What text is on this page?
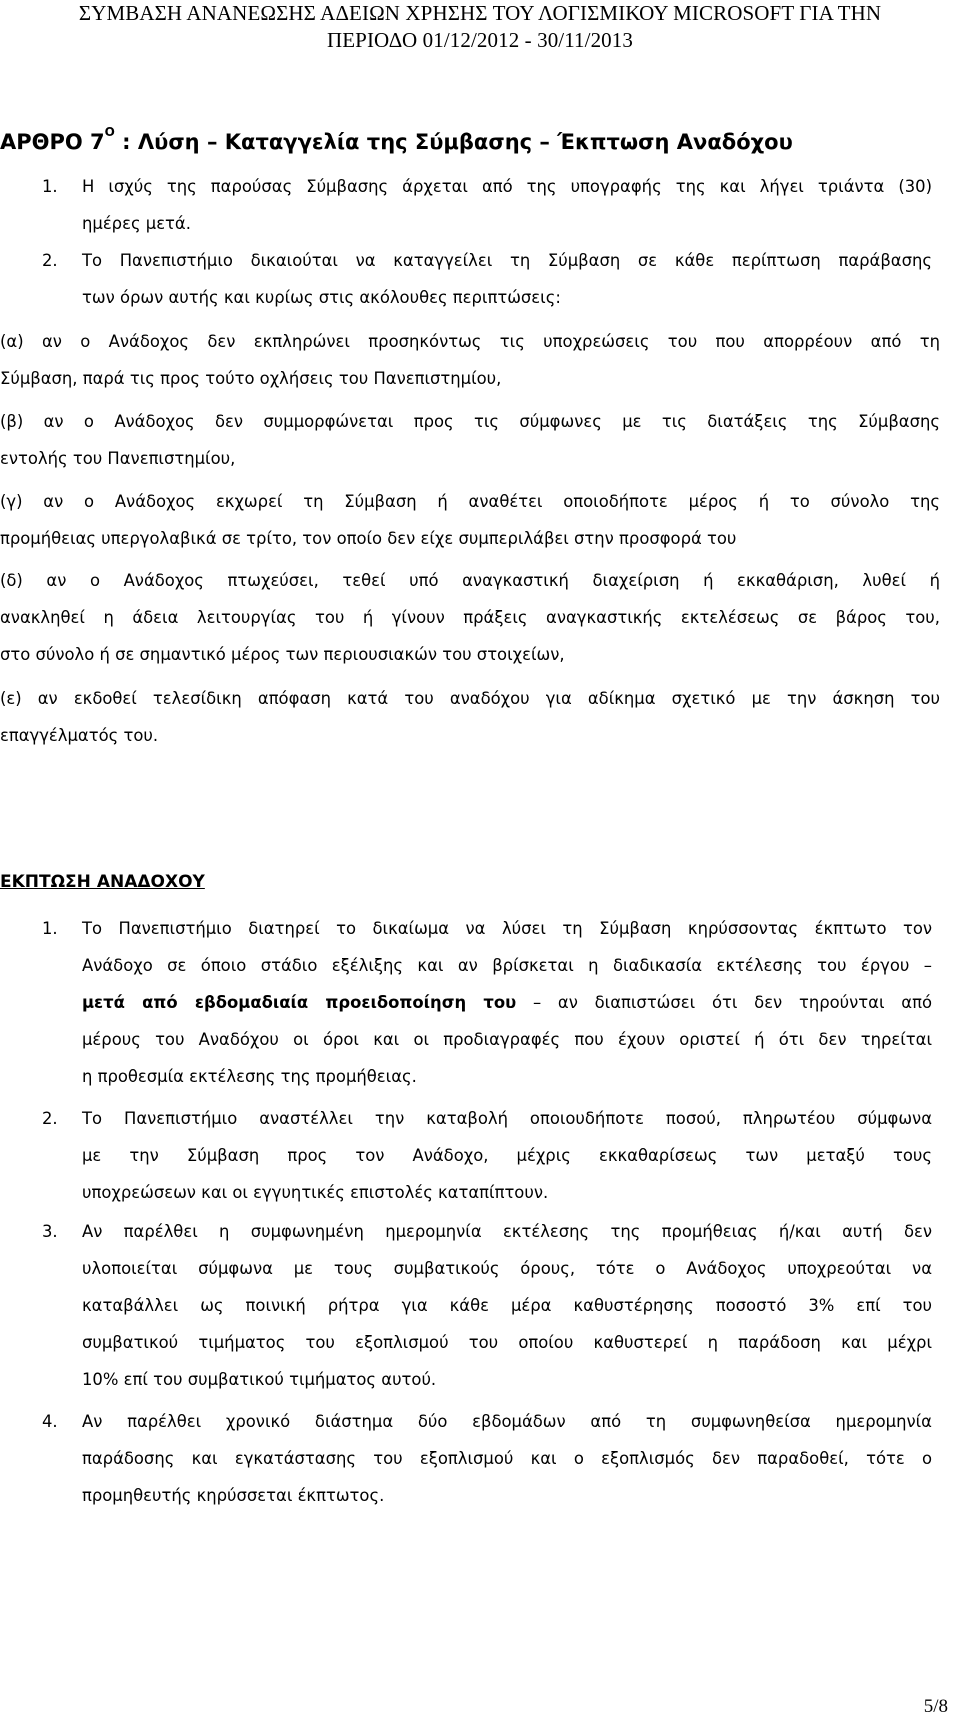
ΣΥΜΒΑΣΗ ΑΝΑΝΕΩΣΗΣ ΑΔΕΙΩΝ ΧΡΗΣΗΣ ΤΟΥ ΛΟΓΙΣΜΙΚΟΥ MICROSOFT ΓΙΑ ΤΗΝ
ΠΕΡΙΟΔΟ 01/12/2012 - 30/11/2013
ΑΡΘΡΟ $7^O$ : Λύση – Καταγγελία της Σύμβασης – Έκπτωση Αναδόχου
1. Η ισχύς της παρούσας Σύμβασης άρχεται από της υπογραφής της και λήγει τριάντα (30)
ημέρες μετά.
2. Το Πανεπιστήμιο δικαιούται να καταγγείλει τη Σύμβαση σε κάθε περίπτωση παράβασης
των όρων αυτής και κυρίως στις ακόλουθες περιπτώσεις:
(α) αν ο Ανάδοχος δεν εκπληρώνει προσηκόντως τις υποχρεώσεις του που απορρέουν από τη
Σύμβαση, παρά τις προς τούτο οχλήσεις του Πανεπιστημίου,
(β) αν ο Ανάδοχος δεν συμμορφώνεται προς τις σύμφωνες με τις διατάξεις της Σύμβασης
εντολής του Πανεπιστημίου,
(γ) αν ο Ανάδοχος εκχωρεί τη Σύμβαση ή αναθέτει οποιοδήποτε μέρος ή το σύνολο της
προμήθειας υπεργολαβικά σε τρίτο, τον οποίο δεν είχε συμπεριλάβει στην προσφορά του
(δ) αν ο Ανάδοχος πτωχεύσει, τεθεί υπό αναγκαστική διαχείριση ή εκκαθάριση, λυθεί ή
ανακληθεί η άδεια λειτουργίας του ή γίνουν πράξεις αναγκαστικής εκτελέσεως σε βάρος του,
στο σύνολο ή σε σημαντικό μέρος των περιουσιακών του στοιχείων,
(ε) αν εκδοθεί τελεσίδικη απόφαση κατά του αναδόχου για αδίκημα σχετικό με την άσκηση του
επαγγέλματός του.
ΕΚΠΤΩΣΗ ΑΝΑΔΟΧΟΥ
1. Το Πανεπιστήμιο διατηρεί το δικαίωμα να λύσει τη Σύμβαση κηρύσσοντας έκπτωτο τον
Ανάδοχο σε όποιο στάδιο εξέλιξης και αν βρίσκεται η διαδικασία εκτέλεσης του έργου –
μετά από εβδομαδιαία προειδοποίηση του – αν διαπιστώσει ότι δεν τηρούνται από
μέρους του Αναδόχου οι όροι και οι προδιαγραφές που έχουν οριστεί ή ότι δεν τηρείται
η προθεσμία εκτέλεσης της προμήθειας.
2. Το Πανεπιστήμιο αναστέλλει την καταβολή οποιουδήποτε ποσού, πληρωτέου σύμφωνα
με την Σύμβαση προς τον Ανάδοχο, μέχρις εκκαθαρίσεως των μεταξύ τους
υποχρεώσεων και οι εγγυητικές επιστολές καταπίπτουν.
3. Αν παρέλθει η συμφωνημένη ημερομηνία εκτέλεσης της προμήθειας ή/και αυτή δεν
υλοποιείται σύμφωνα με τους συμβατικούς όρους, τότε ο Ανάδοχος υποχρεούται να
καταβάλλει ως ποινική ρήτρα για κάθε μέρα καθυστέρησης ποσοστό 3% επί του
συμβατικού τιμήματος του εξοπλισμού του οποίου καθυστερεί η παράδοση και μέχρι
10% επί του συμβατικού τιμήματος αυτού.
4. Αν παρέλθει χρονικό διάστημα δύο εβδομάδων από τη συμφωνηθείσα ημερομηνία
παράδοσης και εγκατάστασης του εξοπλισμού και ο εξοπλισμός δεν παραδοθεί, τότε ο
προμηθευτής κηρύσσεται έκπτωτος.
5/8
